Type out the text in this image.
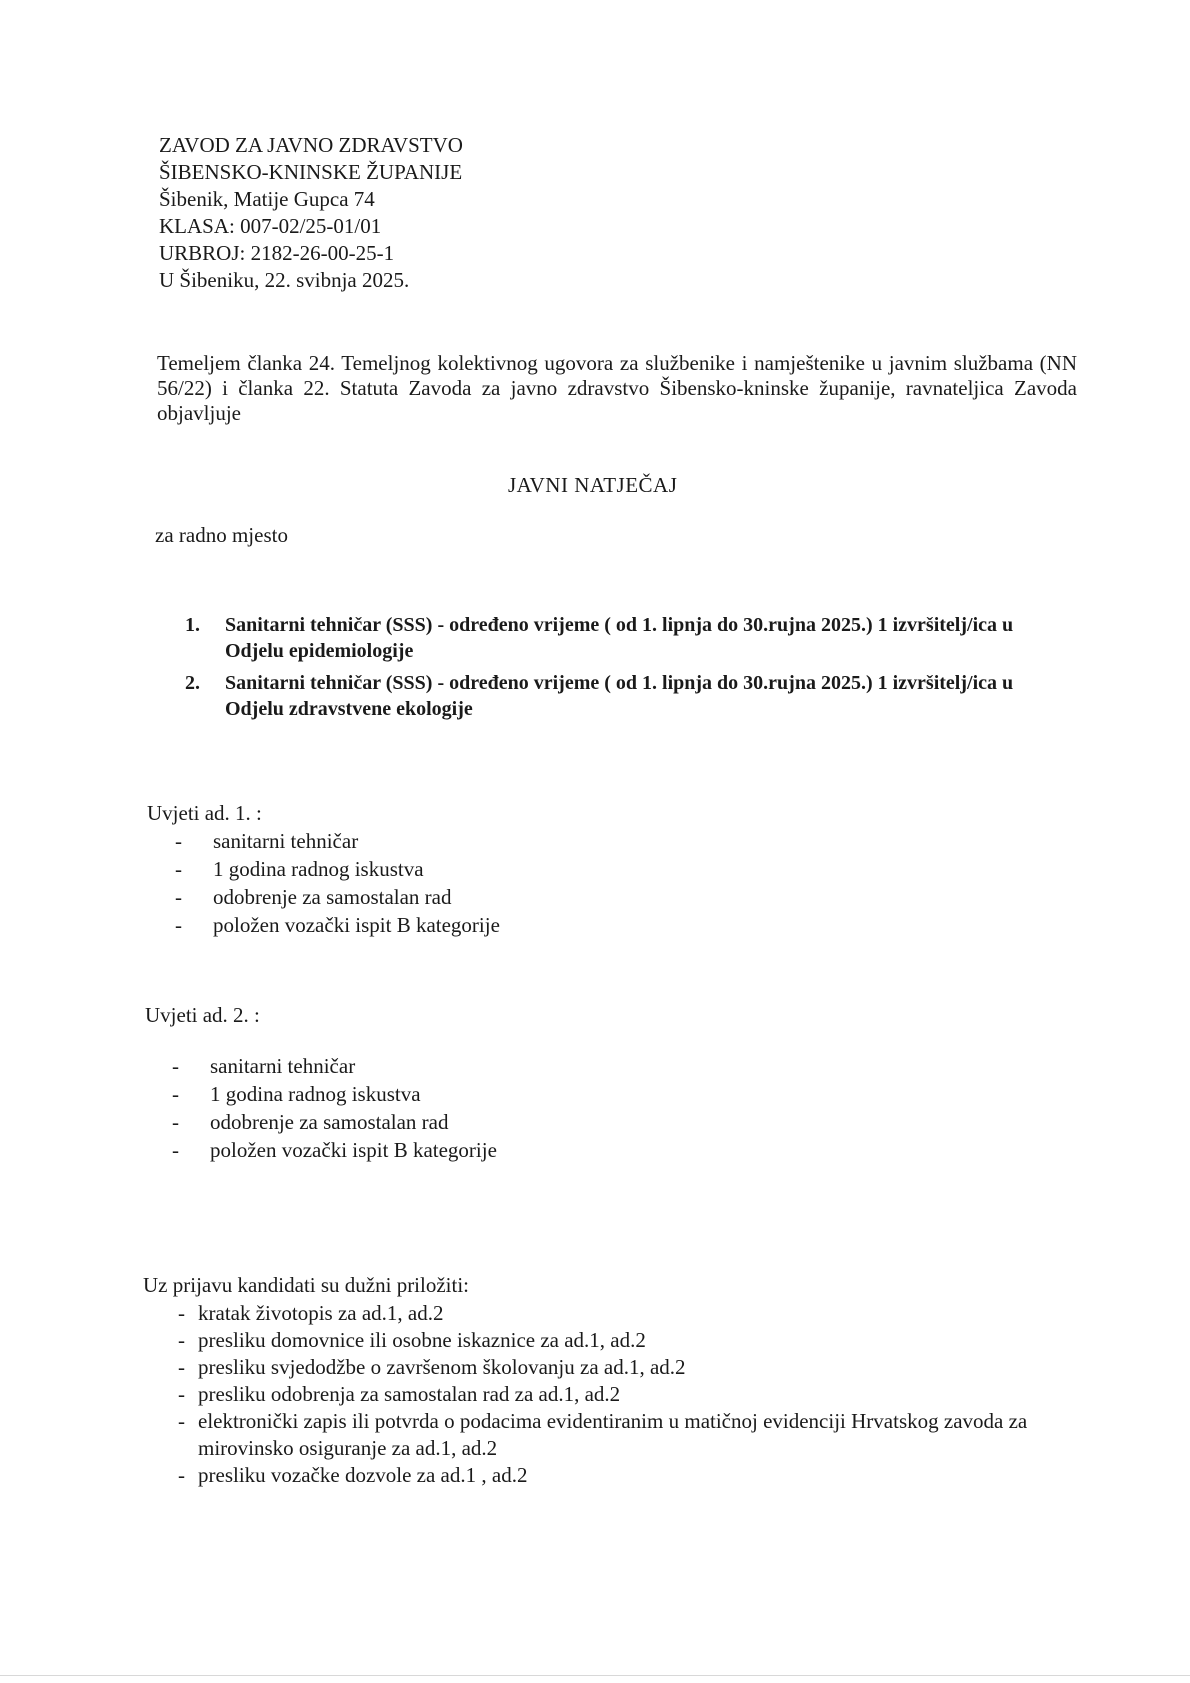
ZAVOD ZA JAVNO ZDRAVSTVO
ŠIBENSKO-KNINSKE ŽUPANIJE
Šibenik, Matije Gupca 74
KLASA: 007-02/25-01/01
URBROJ: 2182-26-00-25-1
U Šibeniku, 22. svibnja 2025.
Temeljem članka 24. Temeljnog kolektivnog ugovora za službenike i namještenike u javnim službama (NN 56/22) i članka 22. Statuta Zavoda za javno zdravstvo Šibensko-kninske županije, ravnateljica Zavoda objavljuje
JAVNI NATJEČAJ
za radno mjesto
1. Sanitarni tehničar (SSS) - određeno vrijeme ( od 1. lipnja do 30.rujna 2025.) 1 izvršitelj/ica u Odjelu epidemiologije
2. Sanitarni tehničar (SSS) - određeno vrijeme ( od 1. lipnja do 30.rujna 2025.) 1 izvršitelj/ica u Odjelu zdravstvene ekologije
Uvjeti ad. 1. :
- sanitarni tehničar
- 1 godina radnog iskustva
- odobrenje za samostalan rad
- položen vozački ispit B kategorije
Uvjeti ad. 2. :
- sanitarni tehničar
- 1 godina radnog iskustva
- odobrenje za samostalan rad
- položen vozački ispit B kategorije
Uz prijavu kandidati su dužni priložiti:
- kratak životopis za ad.1, ad.2
- presliku domovnice ili osobne iskaznice za ad.1, ad.2
- presliku svjedodžbe o završenom školovanju za ad.1, ad.2
- presliku odobrenja za samostalan rad za ad.1, ad.2
- elektronički zapis ili potvrda o podacima evidentiranim u matičnoj evidenciji Hrvatskog zavoda za mirovinsko osiguranje za ad.1, ad.2
- presliku vozačke dozvole za ad.1 , ad.2
